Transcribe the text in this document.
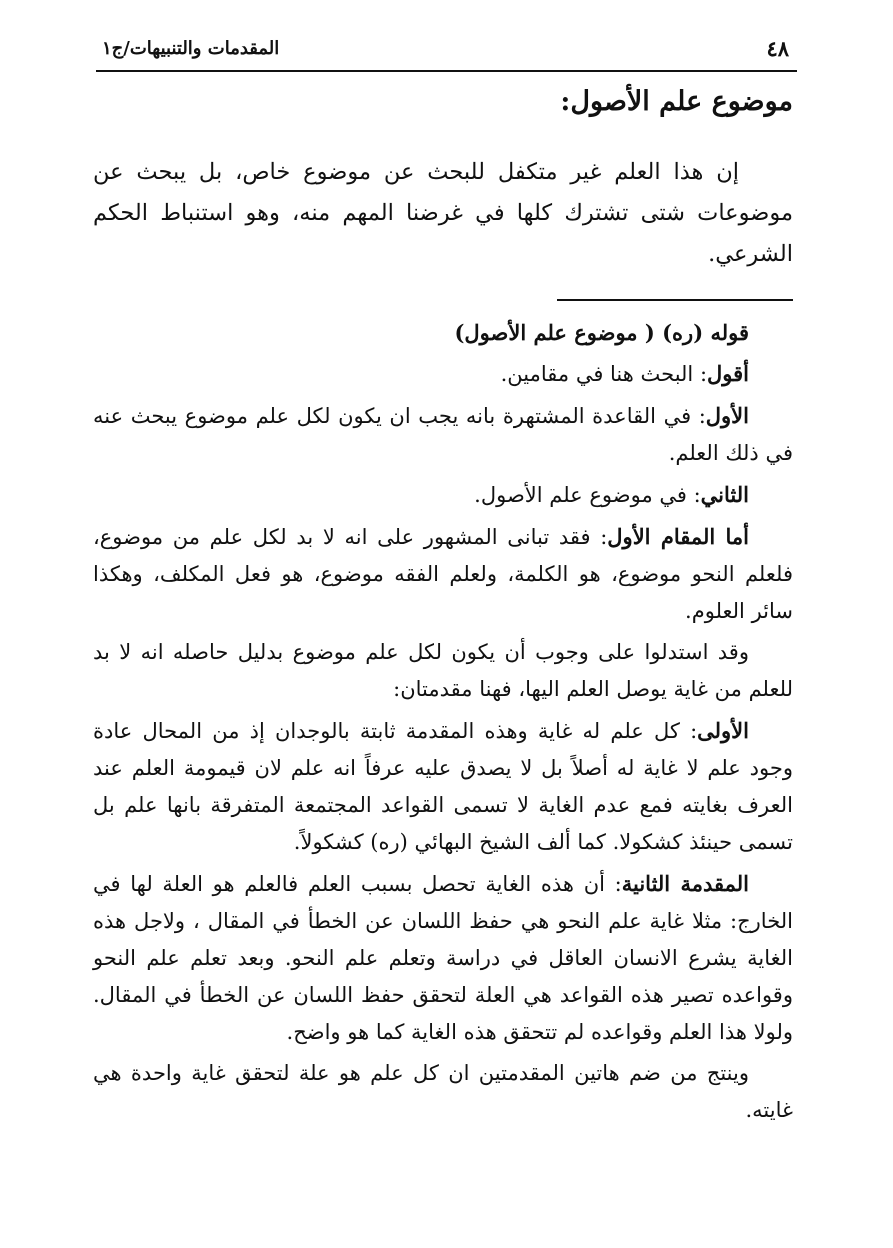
٤٨
المقدمات والتنبيهات/ج١
موضوع علم الأصول:

إن هذا العلم غير متكفل للبحث عن موضوع خاص، بل يبحث عن موضوعات شتى تشترك كلها في غرضنا المهم منه، وهو استنباط الحكم الشرعي.

قوله (ره) ( موضوع علم الأصول)

أقول: البحث هنا في مقامين.

الأول: في القاعدة المشتهرة بانه يجب ان يكون لكل علم موضوع يبحث عنه في ذلك العلم.

الثاني: في موضوع علم الأصول.

أما المقام الأول: فقد تبانى المشهور على انه لا بد لكل علم من موضوع، فلعلم النحو موضوع، هو الكلمة، ولعلم الفقه موضوع، هو فعل المكلف، وهكذا سائر العلوم.

وقد استدلوا على وجوب أن يكون لكل علم موضوع بدليل حاصله انه لا بد للعلم من غاية يوصل العلم اليها، فهنا مقدمتان:

الأولى: كل علم له غاية وهذه المقدمة ثابتة بالوجدان إذ من المحال عادة وجود علم لا غاية له أصلاً بل لا يصدق عليه عرفاً انه علم لان قيمومة العلم عند العرف بغايته فمع عدم الغاية لا تسمى القواعد المجتمعة المتفرقة بانها علم بل تسمى حينئذ كشكولا. كما ألف الشيخ البهائي (ره) كشكولاً.

المقدمة الثانية: أن هذه الغاية تحصل بسبب العلم فالعلم هو العلة لها في الخارج: مثلا غاية علم النحو هي حفظ اللسان عن الخطأ في المقال ، ولاجل هذه الغاية يشرع الانسان العاقل في دراسة وتعلم علم النحو. وبعد تعلم علم النحو وقواعده تصير هذه القواعد هي العلة لتحقق حفظ اللسان عن الخطأ في المقال. ولولا هذا العلم وقواعده لم تتحقق هذه الغاية كما هو واضح.

وينتج من ضم هاتين المقدمتين ان كل علم هو علة لتحقق غاية واحدة هي غايته.
